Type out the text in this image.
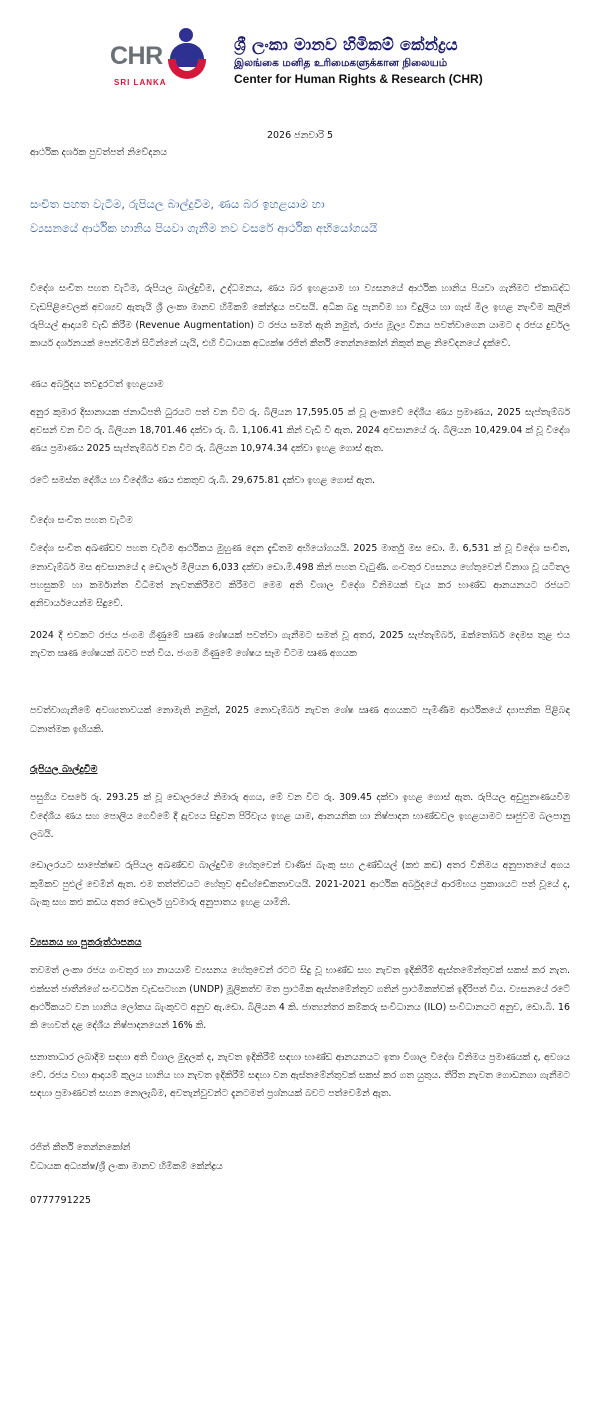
CHR
SRI LANKA
ශ්‍රී ලංකා මානව හිමිකම් කේන්ද්‍රය
இலங்கை மனித உரிமைகளுக்கான நிலையம்
Center for Human Rights & Research (CHR)
2026 ජනවාරි 5
ආර්ථික දර්ශක පුවත්පත් නිවේදනය
සංචිත පහත වැටීම, රුපියල බාල්දුවීම, ණය බර ඉහළයාම හා
ව්‍යසනයේ ආර්ථික හානිය පියවා ගැනීම නව වසරේ ආර්ථික අභියෝගයයි

විදේශ සංචිත පහත වැටීම, රුපියල බාල්දුවීම, උද්ධමනය, ණය බර ඉහළයාම හා ව්‍යසනයේ ආර්ථික හානිය පියවා ගැනීමට ඒකාබද්ධ වැඩපිළිවෙලක් අවශ්‍යව ඇතැයි ශ්‍රී ලංකා මානව හිමිකම් කේන්ද්‍රය පවසයි. අධික බදු පැනවීම හා විදුලිය හා ගෑස් මිල ඉහළ නැංවීම කුලින් රුපියල් ආදායම් වැඩි කිරීම (Revenue Augmentation) ට රජය සමත් ඇති නමුත්, රාජ්‍ය මූල්‍ය විනය පවත්වාගෙන යාමට ද රජය දුර්වල කාර්ය දර්ශනයක් පෙන්වමින් සිටින්නේ යැයි, එහි විධායක අධ්‍යක්ෂ රජිත් කීර්ති තෙන්නකෝන් නිකුත් කළ නිවේදනයේ දැක්වේ.

ණය අර්බුදය තවදුරටත් ඉහළයාම

අනුර කුමාර දිසානායක ජනාධිපති ධුරයට පත් වන විට රු. බිලියන 17,595.05 ක් වූ ලංකාවේ දේශීය ණය ප්‍රමාණය, 2025 සැප්තැම්බර් අවසන් වන විට රු. බිලියන 18,701.46 දක්වා රු. බි. 1,106.41 කින් වැඩි වී ඇත. 2024 අවසානයේ රු. බිලියන 10,429.04 ක් වූ විදේශ ණය ප්‍රමාණය 2025 සැප්තැම්බර් වන විට රු. බිලියන 10,974.34 දක්වා ඉහළ ගොස් ඇත.

රටේ සමස්ත දේශීය හා විදේශීය ණය එකතුව රු.බි. 29,675.81 දක්වා ඉහළ ගොස් ඇත.

විදේශ සංචිත පහත වැටීම

විදේශ සංචිත අඛණ්ඩව පහත වැටීම ආර්ථිකය මුහුණ දෙන දැඩිතම අභියෝගයයි. 2025 මාර්තු මස ඩො. මි. 6,531 ක් වූ විදේශ සංචිත, නොවැම්බර් මස අවසානයේ ද ඩොලර් මිලියන 6,033 දක්වා ඩො.මි.498 කින් පහත වැටුණි. ගංවතුර ව්‍යසනය හේතුවෙන් විනාශ වූ යටිතල පහසුකම් හා කර්මාන්ත විධිමත් නැවතකිරීමට කිරීමට මෙම අති විශාල විදේශ විනිමයක් වැය කර භාණ්ඩ ආනයනයට රජයට අනිවාර්යයෙන්ම සිදුවේ.

2024 දී එවකට රජය ජංගම ගිණුමේ ඍණ ශේෂයක් පවත්වා ගැනීමට සමත් වූ අතර, 2025 සැප්තැම්බර්, ඔක්තෝබර් දෙමස තුළ එය නැවත ඍණ ශේෂයක් බවට පත් විය. ජංගම ගිණුමේ ශේෂය සෑම විටම ඍණ අගයක

පවත්වාගැනීමේ අවශ්‍යතාවයක් නොමැති නමුත්, 2025 නොවැම්බර් නැවත ශේෂ ඍණ අගයකට පැමිණීම ආර්ථිකයේ ද්‍යාපනික පිළිබඳ ධනාත්මක ඉඟියකි.

රුපියල බාල්දුවීම

පසුගිය වසරේ රු. 293.25 ක් වූ ඩොලරයේ නිමාරු අගය, මේ වන විට රු. 309.45 දක්වා ඉහළ ගොස් ඇත. රුපියල අඩුපුනඃණයවීම විදේශීය ණය සහ පොලිය ගෙවීමේ දී ද්‍රැව්‍යය සිදුවන පිරිවැය ඉහළ යාම, ආනයනික හා නිෂ්පාදන භාණ්ඩවල ඉහළයාමට සෘජුවම බලපානු ලබයි.

ඩොලරයට සාපේක්ෂව රුපියල අඛණ්ඩව බාල්දුවීම හේතුවෙන් වාණිජ බැංකු සහ උණ්ඩියල් (කළු කඩ) අතර විනිමය අනුපාතයේ අගය කුමිකව පුළුල් වෙමින් ඇත. එම තත්ත්වයට හේතුව අඩිඟ්ඩේකතාවයයි. 2021-2021 ආර්ථික අර්බුදයේ ආරම්භය ප්‍රකාශයට පත් වූයේ ද, බැංකු සහ කළු කඩය අතර ඩොලර් හුවමාරු අනුපාතය ඉහළ යාමිනි.

ව්‍යසනය හා පුනරුත්ථාපනය

තවමත් ලංකා රජය ගංවතුර හා නායයාම් ව්‍යසනය හේතුවෙන් රටට සිදු වූ භාණ්ඩ සහ නැවත ඉදිකිරීම් ඇස්තමේන්තුවක් සකස් කර නැත. එක්සත් ජාතීන්ගේ සංවර්ධන වැඩසටහන (UNDP) මූලිකත්ව මත ප්‍රාථමික ඇස්තමේන්තුව ගතින් ප්‍රාථමිකත්වක් ඉදිරිපත් විය. ව්‍යසනයේ රටේ ආර්ථිකයට වන හානිය ලෝකය බැංකුවට අනුව ඇ.ඩො. බිලියන 4 කි. ජාත්‍යන්තර කම්කරු සංවිධානය (ILO) සංවිධානයට අනුව, ඩො.බි. 16 කි හෙවත් දළ දේශීය නිෂ්පාදනයෙන් 16% කි.

සනාතාධාර ලබාදීම සඳහා අති විශාල මුදලක් ද, නැවත ඉදිකිරීම් සඳහා භාණ්ඩ ආනයනයට ඉතා විශාල විදේශ විනිමය ප්‍රමාණයක් ද, අවශය වේ. රජය වහා ආදායම් කුලය හානිය හා නැවත ඉදිකිරීම් සඳහා වන ඇස්තමේන්තුවක් සකස් කර ගත යුතුය. තීරිත නැවත ගොඩනගා ගැනීමට සඳහා ප්‍රමාණවත් සහන නොලැබීම, අවතැන්වුවන්ට දැනටමත් ප්‍රශ්නයක් බවට පත්වෙමින් ඇත.

රජිත් කීර්ති තෙන්නකෝන්
විධායක අධ්‍යක්ෂ/ශ්‍රී ලංකා මානව හිමිකම් කේන්ද්‍රය
0777791225
